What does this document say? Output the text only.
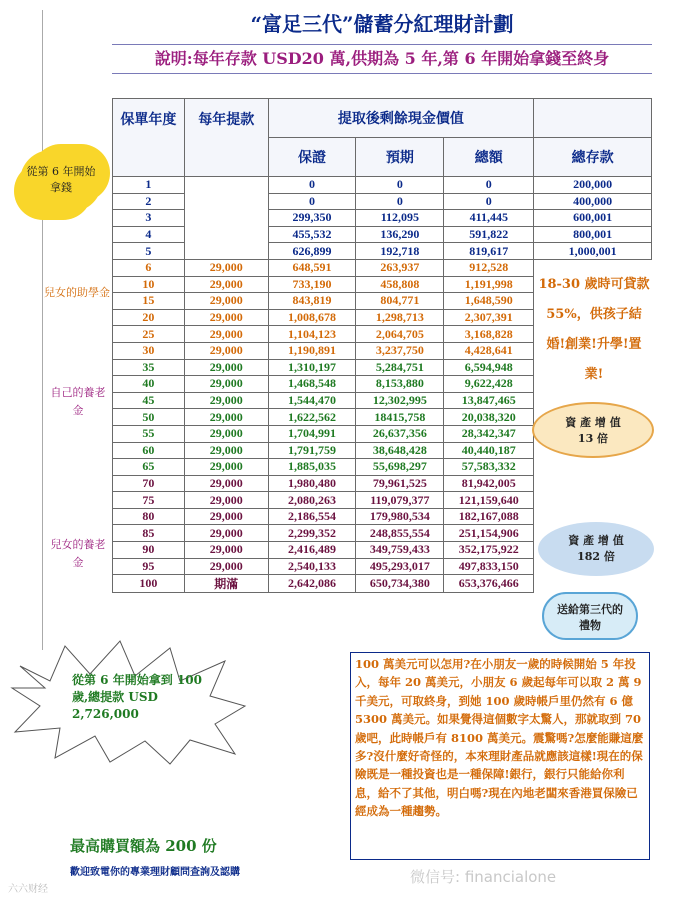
“富足三代”儲蓄分紅理財計劃
說明:每年存款 USD20 萬,供期為 5 年,第 6 年開始拿錢至終身
保單年度	每年提款	提取後剩餘現金價值			
		保證	預期	總額	總存款
1		0	0	0	200,000
2		0	0	0	400,000
3		299,350	112,095	411,445	600,001
4		455,532	136,290	591,822	800,001
5		626,899	192,718	819,617	1,000,001
6	29,000	648,591	263,937	912,528	
10	29,000	733,190	458,808	1,191,998	
15	29,000	843,819	804,771	1,648,590	
20	29,000	1,008,678	1,298,713	2,307,391	
25	29,000	1,104,123	2,064,705	3,168,828	
30	29,000	1,190,891	3,237,750	4,428,641	
35	29,000	1,310,197	5,284,751	6,594,948	
40	29,000	1,468,548	8,153,880	9,622,428	
45	29,000	1,544,470	12,302,995	13,847,465	
50	29,000	1,622,562	18415,758	20,038,320	
55	29,000	1,704,991	26,637,356	28,342,347	
60	29,000	1,791,759	38,648,428	40,440,187	
65	29,000	1,885,035	55,698,297	57,583,332	
70	29,000	1,980,480	79,961,525	81,942,005	
75	29,000	2,080,263	119,079,377	121,159,640	
80	29,000	2,186,554	179,980,534	182,167,088	
85	29,000	2,299,352	248,855,554	251,154,906	
90	29,000	2,416,489	349,759,433	352,175,922	
95	29,000	2,540,133	495,293,017	497,833,150	
100	期滿	2,642,086	650,734,380	653,376,466	
從第 6 年開始拿錢
兒女的助學金
自己的養老金
兒女的養老金
18-30 歲時可貸款 55%，供孩子結婚!創業!升學!置業!
資 產 增 值
13 倍
資 產 增 值
182 倍
送給第三代的禮物
從第 6 年開始拿到 100 歲,總提款 USD 2,726,000
100 萬美元可以怎用?在小朋友一歲的時候開始 5 年投入，每年 20 萬美元，小朋友 6 歲起每年可以取 2 萬 9 千美元，可取終身，到她 100 歲時帳戶里仍然有 6 億 5300 萬美元。如果覺得這個數字太驚人，那就取到 70 歲吧，此時帳戶有 8100 萬美元。震驚嗎?怎麼能賺這麼多?沒什麼好奇怪的，本來理財產品就應該這樣!現在的保險既是一種投資也是一種保障!銀行，銀行只能給你利息，給不了其他，明白嗎?現在內地老闆來香港買保險已經成為一種趨勢。
最高購買額為 200 份
歡迎致電你的專業理財顧問查詢及認購	微信号: financialone
六六财经
